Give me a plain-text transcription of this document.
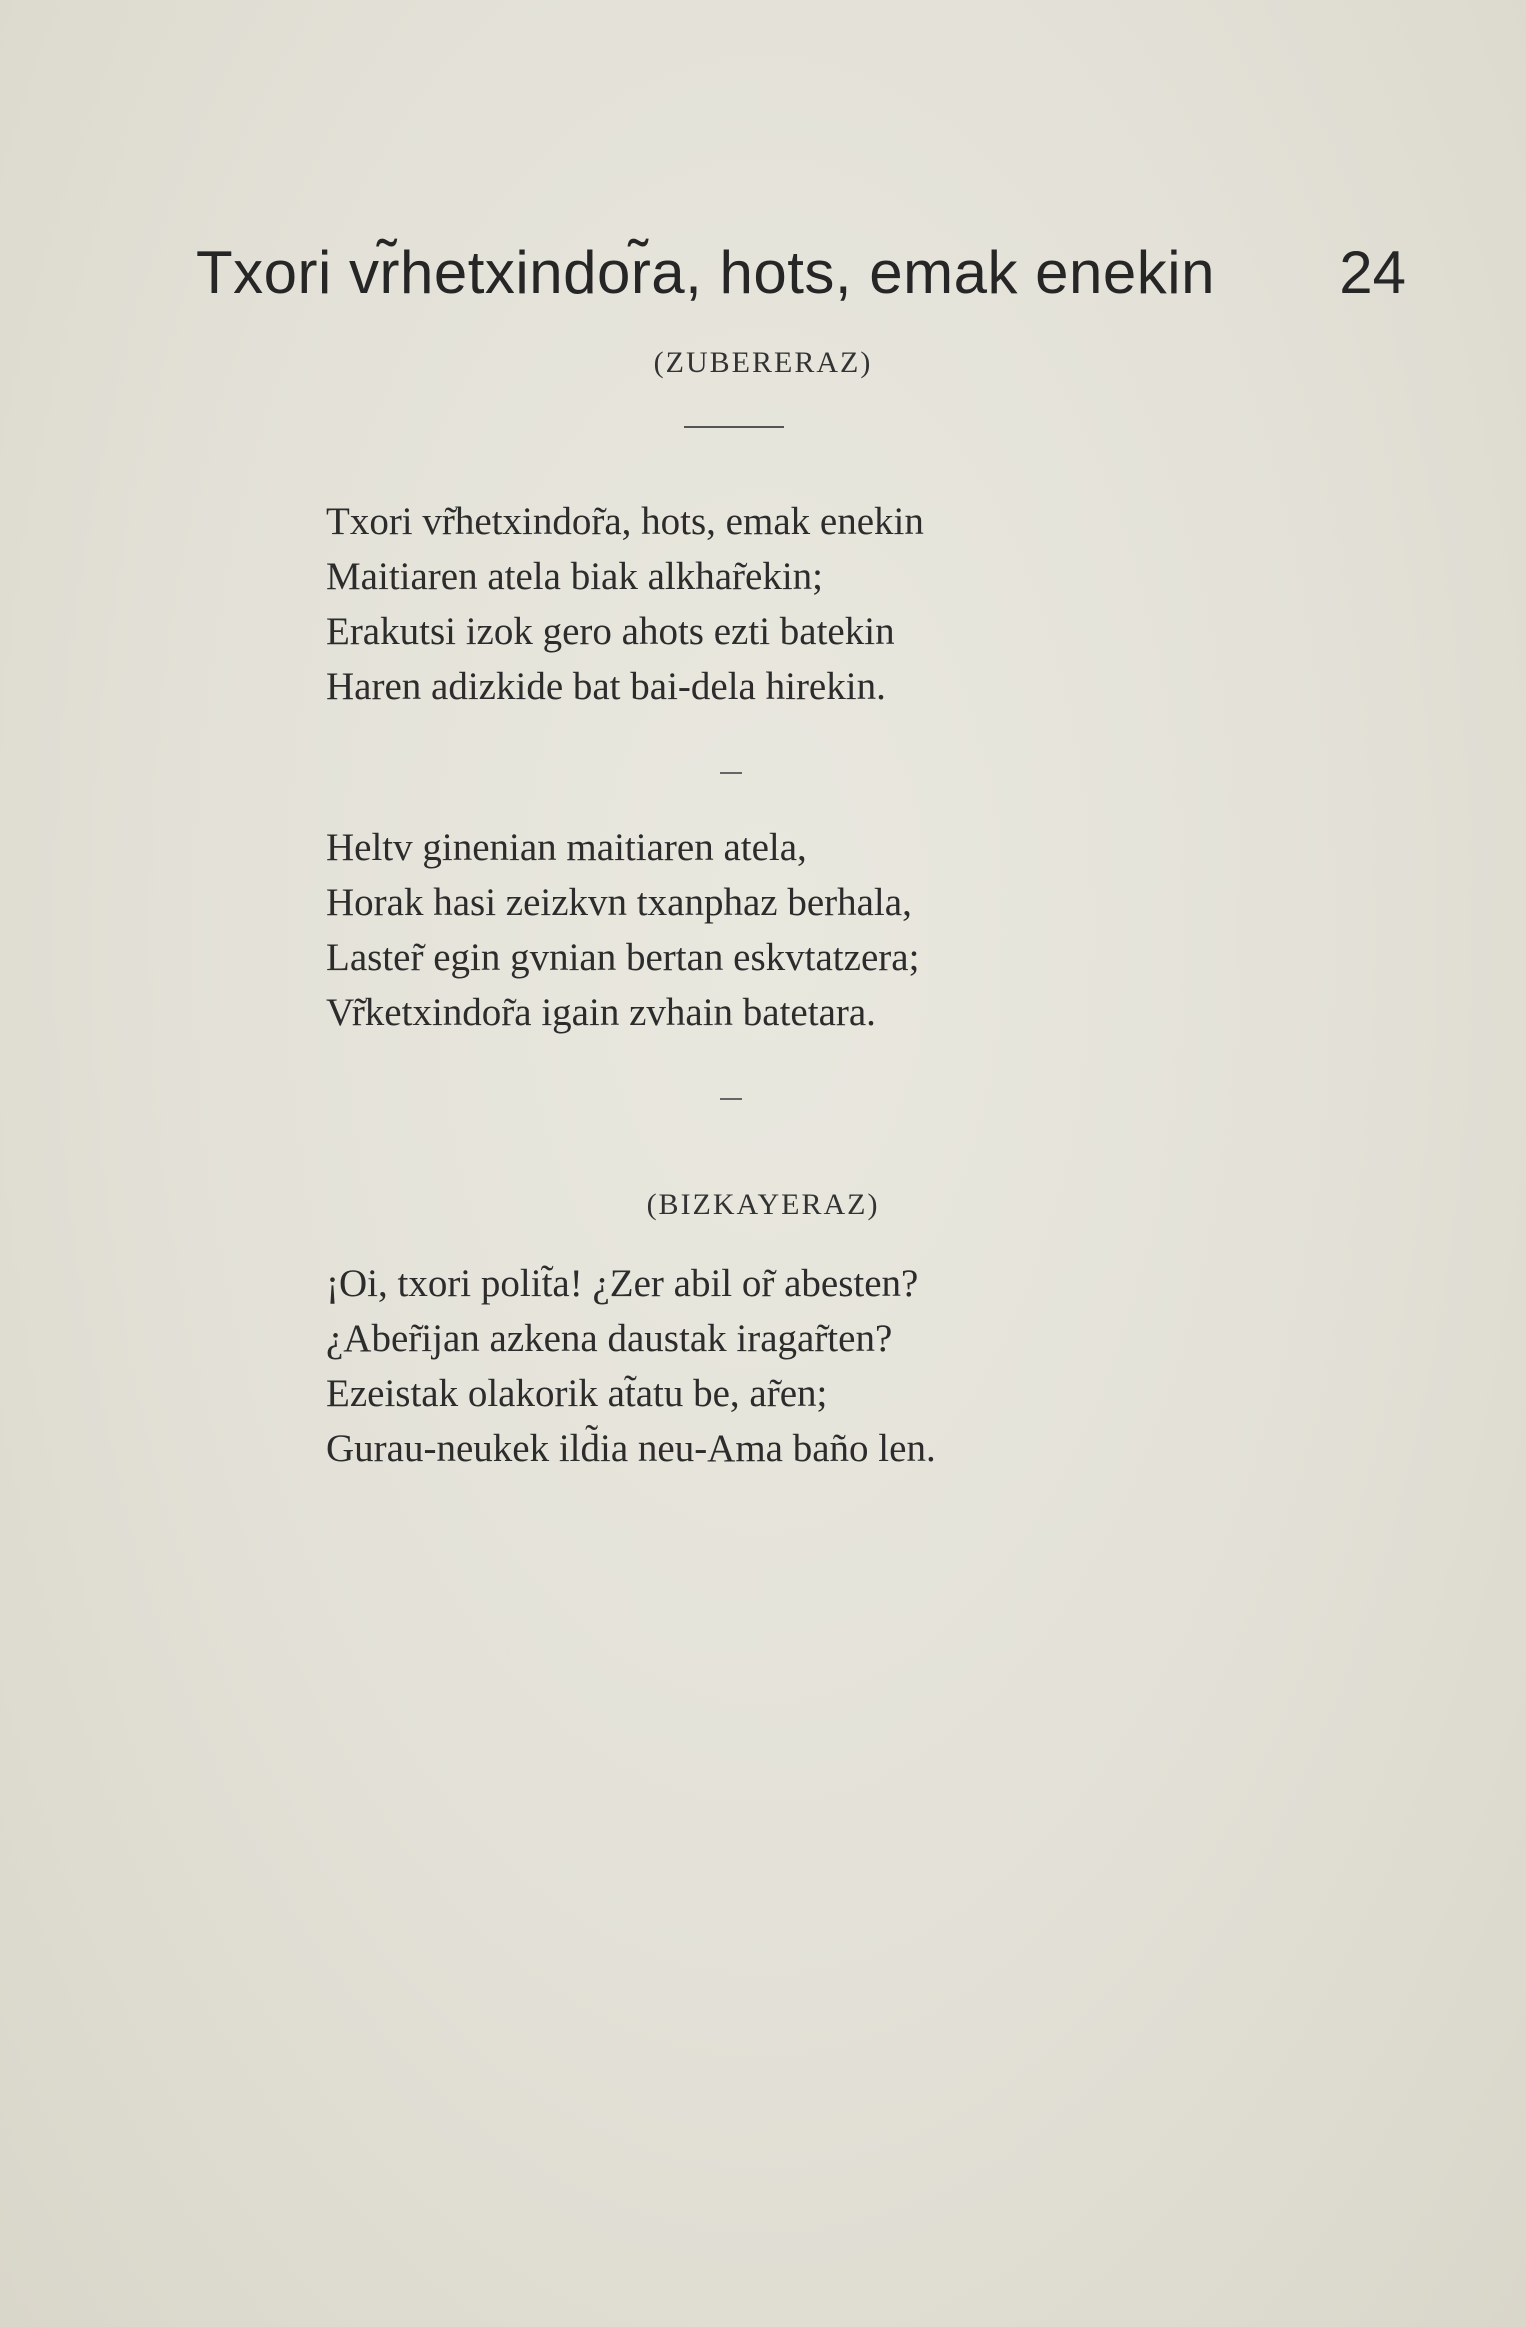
Txori vr̃hetxindor̃a, hots, emak enekin 24
(ZUBERERAZ)
Txori vr̃hetxindor̃a, hots, emak enekin
Maitiaren atela biak alkhar̃ekin;
Erakutsi izok gero ahots ezti batekin
Haren adizkide bat bai-dela hirekin.
Heltv ginenian maitiaren atela,
Horak hasi zeizkvn txanphaz berhala,
Laster̃ egin gvnian bertan eskvtatzera;
Vr̃ketxindor̃a igain zvhain batetara.
(BIZKAYERAZ)
¡Oi, txori polit̃a! ¿Zer abil or̃ abesten?
¿Aber̃ijan azkena daustak iragar̃ten?
Ezeistak olakorik at̃atu be, ar̃en;
Gurau-neukek ild̃ia neu-Ama baño len.
